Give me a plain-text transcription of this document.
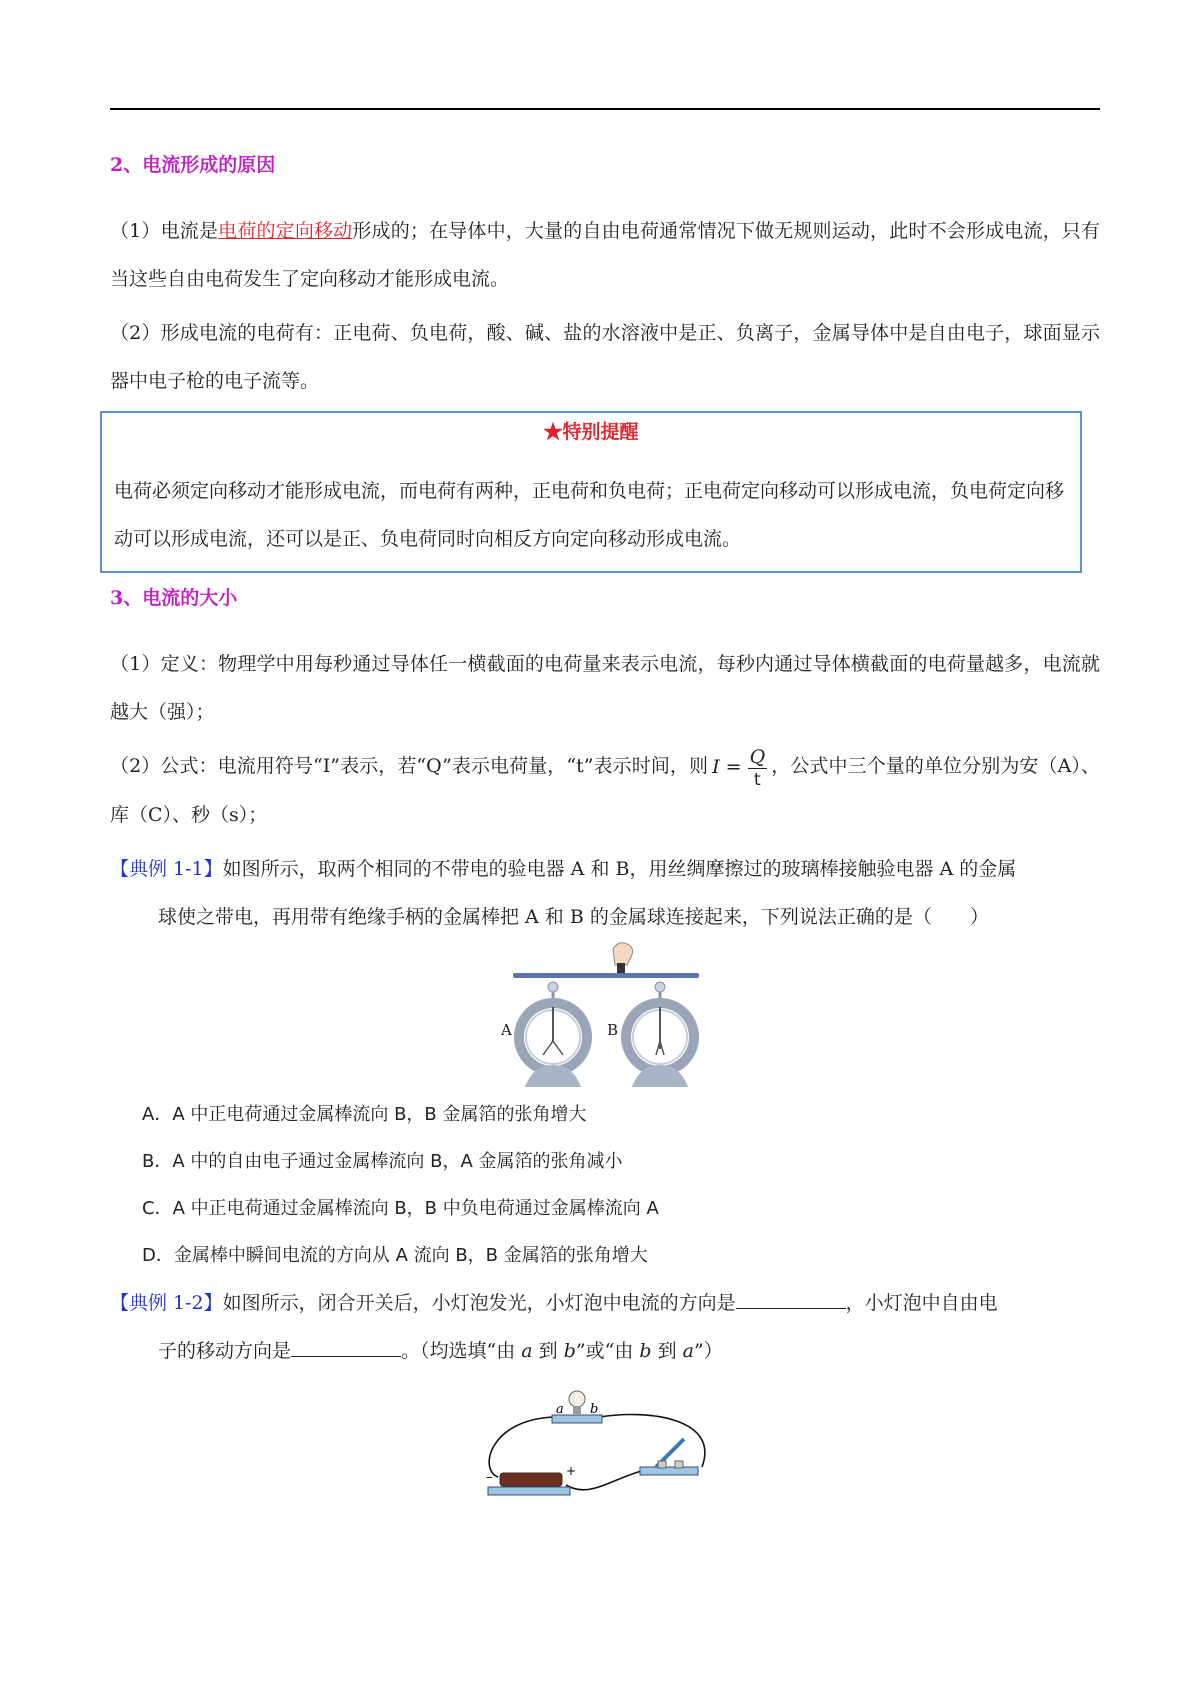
2、电流形成的原因

（1）电流是电荷的定向移动形成的；在导体中，大量的自由电荷通常情况下做无规则运动，此时不会形成电流，只有当这些自由电荷发生了定向移动才能形成电流。

（2）形成电流的电荷有：正电荷、负电荷，酸、碱、盐的水溶液中是正、负离子，金属导体中是自由电子，球面显示器中电子枪的电子流等。

★特别提醒
电荷必须定向移动才能形成电流，而电荷有两种，正电荷和负电荷；正电荷定向移动可以形成电流，负电荷定向移动可以形成电流，还可以是正、负电荷同时向相反方向定向移动形成电流。
3、电流的大小

（1）定义：物理学中用每秒通过导体任一横截面的电荷量来表示电流，每秒内通过导体横截面的电荷量越多，电流就越大（强）；

（2）公式：电流用符号“I”表示，若“Q”表示电荷量，“t”表示时间，则 $I = \frac{Q}{t}$ ，公式中三个量的单位分别为安（A）、库（C）、秒（s）；

【典例 1-1】如图所示，取两个相同的不带电的验电器 A 和 B，用丝绸摩擦过的玻璃棒接触验电器 A 的金属
球使之带电，再用带有绝缘手柄的金属棒把 A 和 B 的金属球连接起来，下列说法正确的是（　　）

A	B

A．A 中正电荷通过金属棒流向 B，B 金属箔的张角增大

B．A 中的自由电子通过金属棒流向 B，A 金属箔的张角减小

C．A 中正电荷通过金属棒流向 B，B 中负电荷通过金属棒流向 A

D．金属棒中瞬间电流的方向从 A 流向 B，B 金属箔的张角增大

【典例 1-2】如图所示，闭合开关后，小灯泡发光，小灯泡中电流的方向是	，小灯泡中自由电
子的移动方向是	。（均选填“由 a 到 b”或“由 b 到 a”）

a b
–	+
